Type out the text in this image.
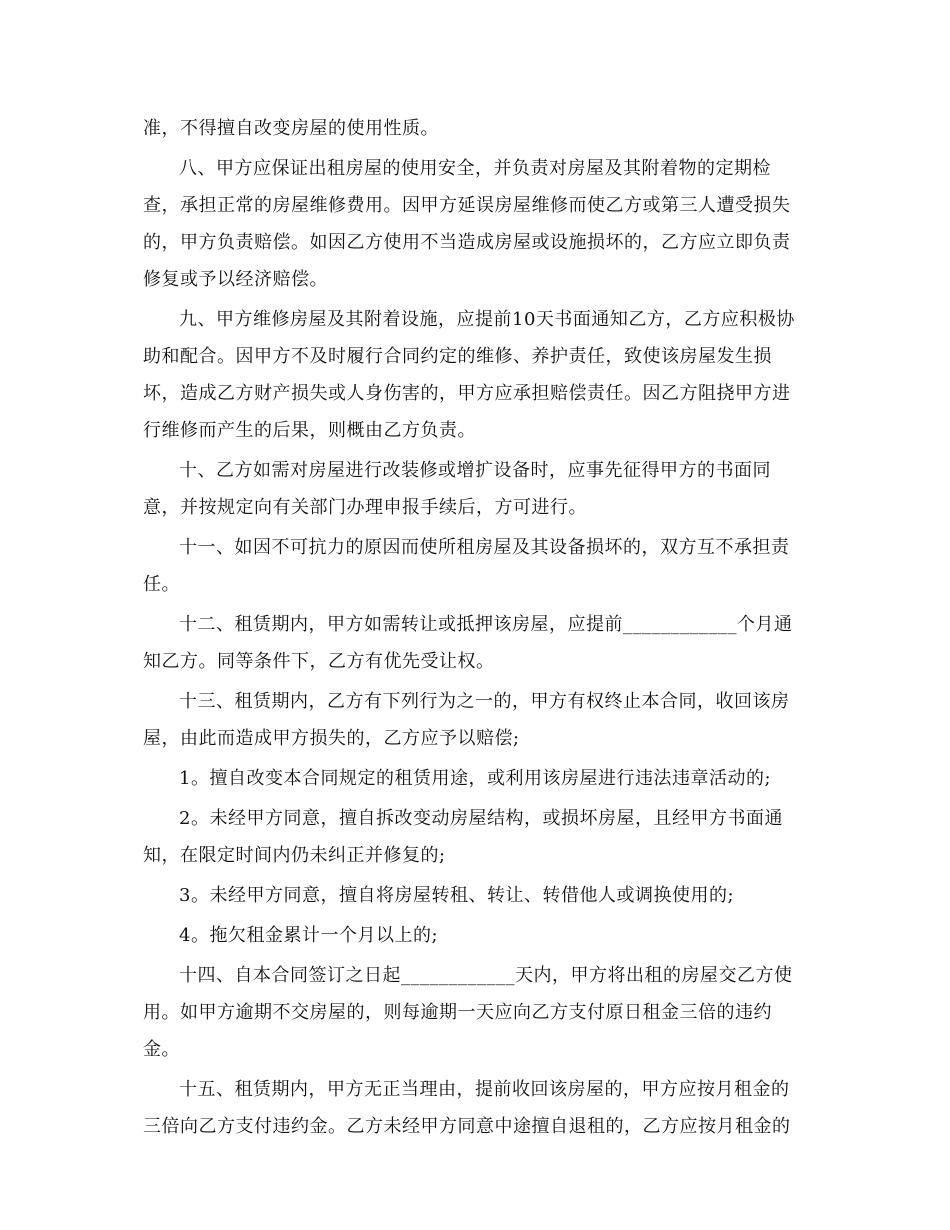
准，不得擅自改变房屋的使用性质。
八、甲方应保证出租房屋的使用安全，并负责对房屋及其附着物的定期检
查，承担正常的房屋维修费用。因甲方延误房屋维修而使乙方或第三人遭受损失
的，甲方负责赔偿。如因乙方使用不当造成房屋或设施损坏的，乙方应立即负责
修复或予以经济赔偿。
九、甲方维修房屋及其附着设施，应提前10天书面通知乙方，乙方应积极协
助和配合。因甲方不及时履行合同约定的维修、养护责任，致使该房屋发生损
坏，造成乙方财产损失或人身伤害的，甲方应承担赔偿责任。因乙方阻挠甲方进
行维修而产生的后果，则概由乙方负责。
十、乙方如需对房屋进行改装修或增扩设备时，应事先征得甲方的书面同
意，并按规定向有关部门办理申报手续后，方可进行。
十一、如因不可抗力的原因而使所租房屋及其设备损坏的，双方互不承担责
任。
十二、租赁期内，甲方如需转让或抵押该房屋，应提前____________个月通
知乙方。同等条件下，乙方有优先受让权。
十三、租赁期内，乙方有下列行为之一的，甲方有权终止本合同，收回该房
屋，由此而造成甲方损失的，乙方应予以赔偿;
1。擅自改变本合同规定的租赁用途，或利用该房屋进行违法违章活动的;
2。未经甲方同意，擅自拆改变动房屋结构，或损坏房屋，且经甲方书面通
知，在限定时间内仍未纠正并修复的;
3。未经甲方同意，擅自将房屋转租、转让、转借他人或调换使用的;
4。拖欠租金累计一个月以上的;
十四、自本合同签订之日起____________天内，甲方将出租的房屋交乙方使
用。如甲方逾期不交房屋的，则每逾期一天应向乙方支付原日租金三倍的违约
金。
十五、租赁期内，甲方无正当理由，提前收回该房屋的，甲方应按月租金的
三倍向乙方支付违约金。乙方未经甲方同意中途擅自退租的，乙方应按月租金的
